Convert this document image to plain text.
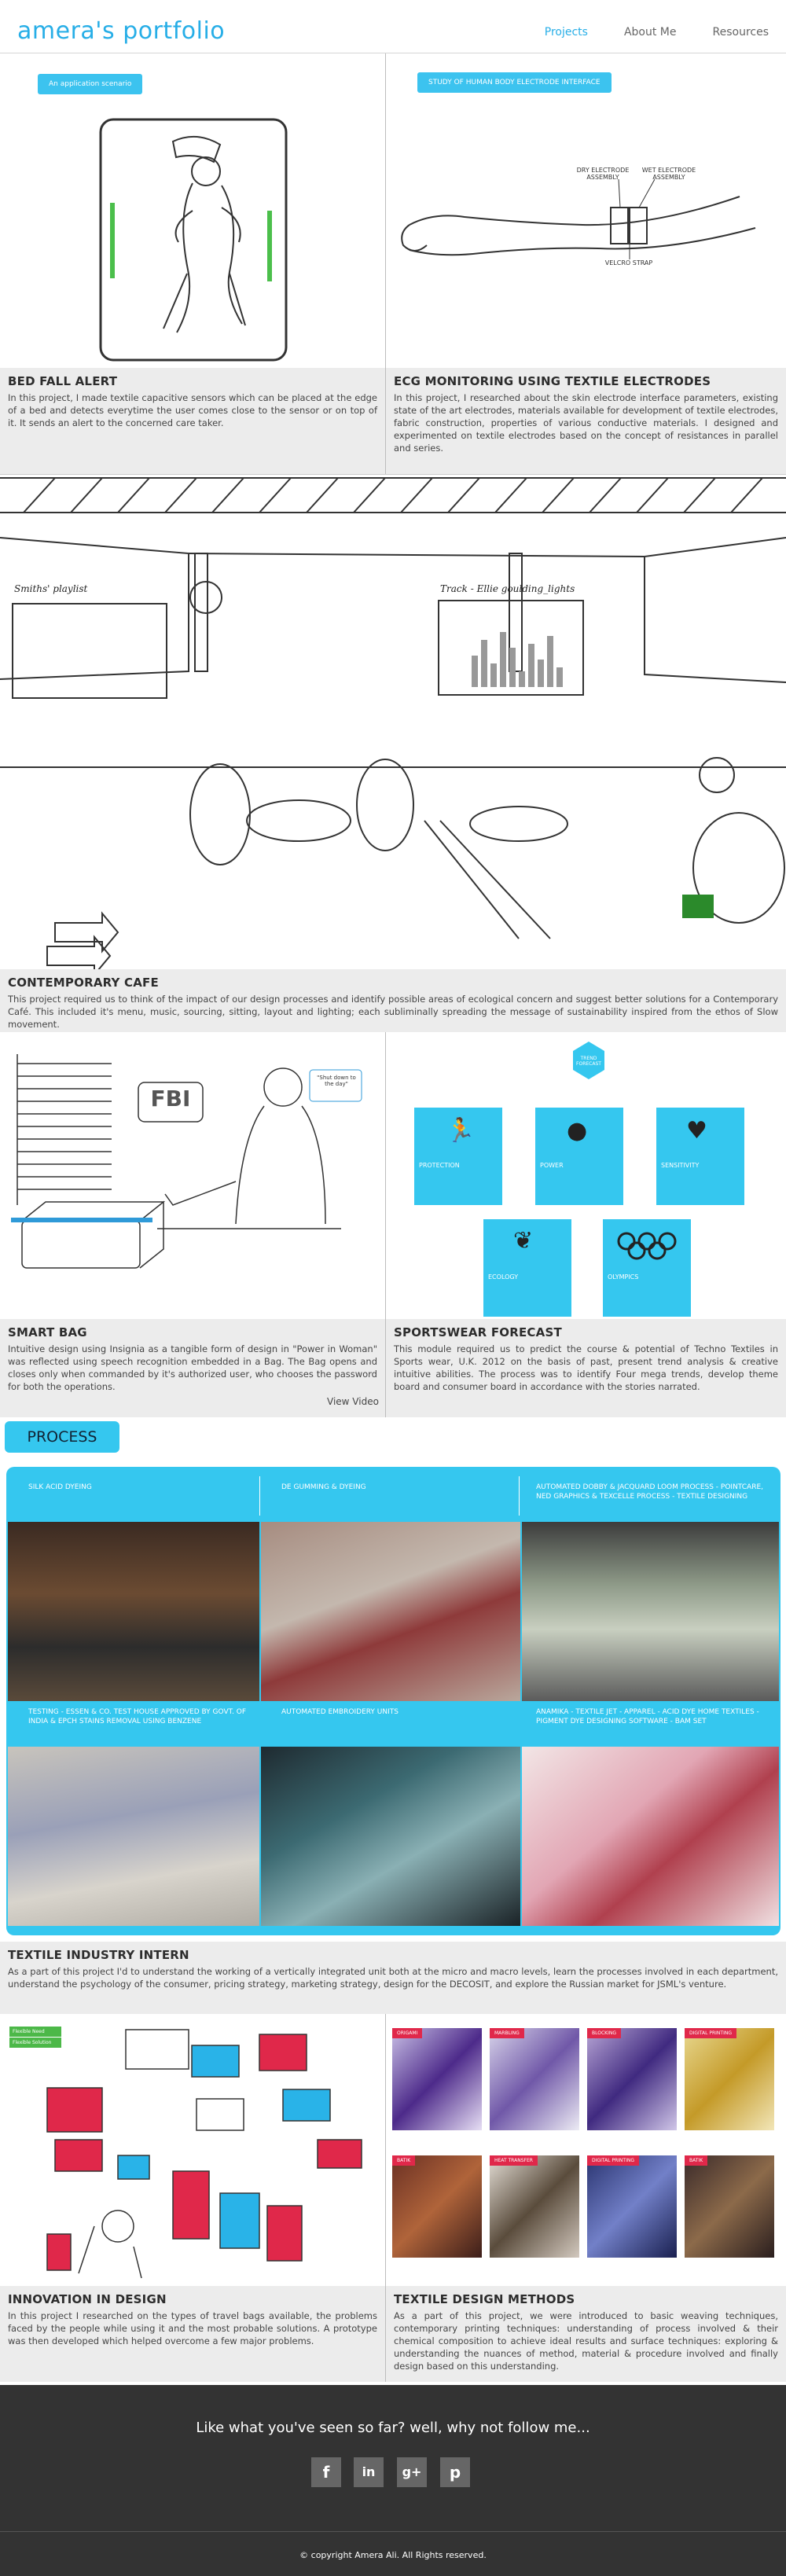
amera's portfolio	Projects	About Me	Resources
An application scenario	STUDY OF HUMAN BODY ELECTRODE INTERFACE
DRY ELECTRODE ASSEMBLY
WET ELECTRODE ASSEMBLY
VELCRO STRAP
BED FALL ALERT

In this project, I made textile capacitive sensors which can be placed at the edge of a bed and detects everytime the user comes close to the sensor or on top of it. It sends an alert to the concerned care taker.

ECG MONITORING USING TEXTILE ELECTRODES

In this project, I researched about the skin electrode interface parameters, existing state of the art electrodes, materials available for development of textile electrodes, fabric construction, properties of various conductive materials. I designed and experimented on textile electrodes based on the concept of resistances in parallel and series.

Smiths' playlist	Track - Ellie goulding_lights
CONTEMPORARY CAFE

This project required us to think of the impact of our design processes and identify possible areas of ecological concern and suggest better solutions for a Contemporary Café. This included it's menu, music, sourcing, sitting, layout and lighting; each subliminally spreading the message of sustainability inspired from the ethos of Slow movement.

FBI
"Shut down to the day"
TREND FORECAST
🏃
PROTECTION
●
POWER
♥
SENSITIVITY
❦
ECOLOGY	OLYMPICS
SMART BAG

Intuitive design using Insignia as a tangible form of design in "Power in Woman" was reflected using speech recognition embedded in a Bag. The Bag opens and closes only when commanded by it's authorized user, who chooses the password for both the operations.

View Video
SPORTSWEAR FORECAST

This module required us to predict the course & potential of Techno Textiles in Sports wear, U.K. 2012 on the basis of past, present trend analysis & creative intuitive abilities. The process was to identify Four mega trends, develop theme board and consumer board in accordance with the stories narrated.

PROCESS
SILK ACID DYEING	DE GUMMING & DYEING	AUTOMATED DOBBY & JACQUARD LOOM PROCESS - POINTCARE, NED GRAPHICS & TEXCELLE PROCESS - TEXTILE DESIGNING
TESTING - ESSEN & CO. TEST HOUSE APPROVED BY GOVT. OF INDIA & EPCH STAINS REMOVAL USING BENZENE
AUTOMATED EMBROIDERY UNITS	ANAMIKA - TEXTILE JET - APPAREL - ACID DYE HOME TEXTILES - PIGMENT DYE DESIGNING SOFTWARE - BAM SET
TEXTILE INDUSTRY INTERN

As a part of this project I'd to understand the working of a vertically integrated unit both at the micro and macro levels, learn the processes involved in each department, understand the psychology of the consumer, pricing strategy, marketing strategy, design for the DECOSIT, and explore the Russian market for JSML's venture.

Flexible Need
Flexible Solution
ORIGAMI	MARBLING	BLOCKING	DIGITAL PRINTING
BATIK	HEAT TRANSFER	DIGITAL PRINTING	BATIK
INNOVATION IN DESIGN

In this project I researched on the types of travel bags available, the problems faced by the people while using it and the most probable solutions. A prototype was then developed which helped overcome a few major problems.

TEXTILE DESIGN METHODS

As a part of this project, we were introduced to basic weaving techniques, contemporary printing techniques: understanding of process involved & their chemical composition to achieve ideal results and surface techniques: exploring & understanding the nuances of method, material & procedure involved and finally design based on this understanding.

Like what you've seen so far? well, why not follow me...
f	in	g+	p
© copyright Amera Ali. All Rights reserved.
